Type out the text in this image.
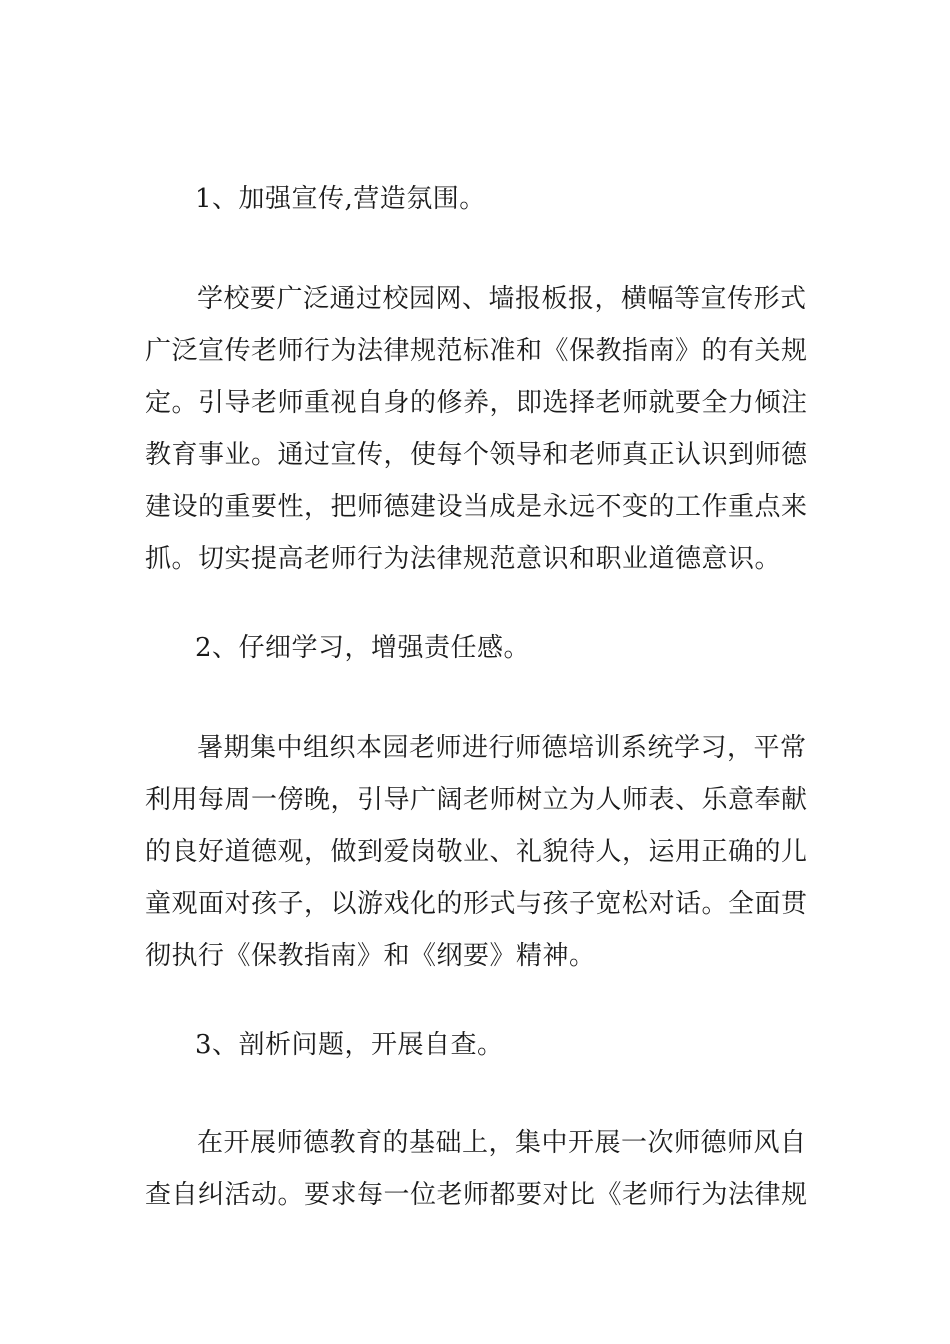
1、加强宣传,营造氛围。
学校要广泛通过校园网、墙报板报，横幅等宣传形式
广泛宣传老师行为法律规范标准和《保教指南》的有关规
定。引导老师重视自身的修养，即选择老师就要全力倾注
教育事业。通过宣传，使每个领导和老师真正认识到师德
建设的重要性，把师德建设当成是永远不变的工作重点来
抓。切实提高老师行为法律规范意识和职业道德意识。
2、仔细学习，增强责任感。
暑期集中组织本园老师进行师德培训系统学习，平常
利用每周一傍晚，引导广阔老师树立为人师表、乐意奉献
的良好道德观，做到爱岗敬业、礼貌待人，运用正确的儿
童观面对孩子，以游戏化的形式与孩子宽松对话。全面贯
彻执行《保教指南》和《纲要》精神。
3、剖析问题，开展自查。
在开展师德教育的基础上，集中开展一次师德师风自
查自纠活动。要求每一位老师都要对比《老师行为法律规
